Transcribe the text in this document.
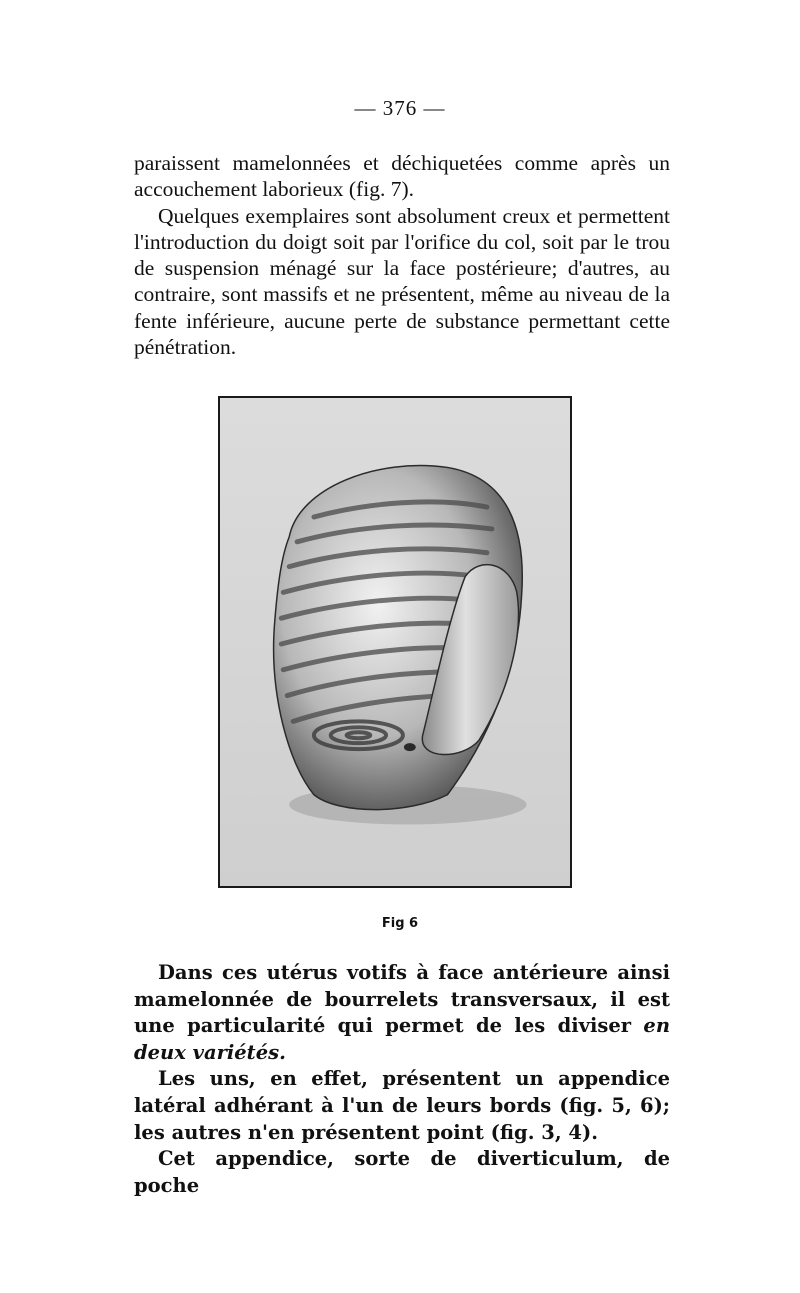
— 376 —

paraissent mamelonnées et déchiquetées comme après un accouchement laborieux (fig. 7).

Quelques exemplaires sont absolument creux et permettent l'introduction du doigt soit par l'orifice du col, soit par le trou de suspension ménagé sur la face postérieure; d'autres, au contraire, sont massifs et ne présentent, même au niveau de la fente inférieure, aucune perte de substance permettant cette pénétration.

Fig 6

Dans ces utérus votifs à face antérieure ainsi mamelonnée de bourrelets transversaux, il est une particularité qui permet de les diviser en deux variétés.

Les uns, en effet, présentent un appendice latéral adhérant à l'un de leurs bords (fig. 5, 6); les autres n'en présentent point (fig. 3, 4).

Cet appendice, sorte de diverticulum, de poche
